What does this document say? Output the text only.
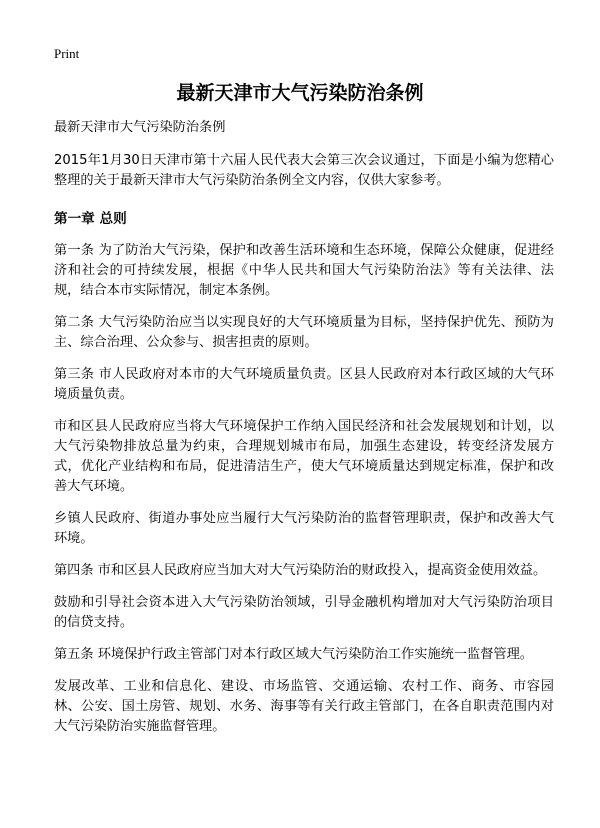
Print
最新天津市大气污染防治条例

最新天津市大气污染防治条例

2015年1月30日天津市第十六届人民代表大会第三次会议通过，下面是小编为您精心整理的关于最新天津市大气污染防治条例全文内容，仅供大家参考。

第一章 总则

第一条 为了防治大气污染，保护和改善生活环境和生态环境，保障公众健康，促进经济和社会的可持续发展，根据《中华人民共和国大气污染防治法》等有关法律、法规，结合本市实际情况，制定本条例。

第二条 大气污染防治应当以实现良好的大气环境质量为目标，坚持保护优先、预防为主、综合治理、公众参与、损害担责的原则。

第三条 市人民政府对本市的大气环境质量负责。区县人民政府对本行政区域的大气环境质量负责。

市和区县人民政府应当将大气环境保护工作纳入国民经济和社会发展规划和计划，以大气污染物排放总量为约束，合理规划城市布局，加强生态建设，转变经济发展方式，优化产业结构和布局，促进清洁生产，使大气环境质量达到规定标准，保护和改善大气环境。

乡镇人民政府、街道办事处应当履行大气污染防治的监督管理职责，保护和改善大气环境。

第四条 市和区县人民政府应当加大对大气污染防治的财政投入，提高资金使用效益。

鼓励和引导社会资本进入大气污染防治领域，引导金融机构增加对大气污染防治项目的信贷支持。

第五条 环境保护行政主管部门对本行政区域大气污染防治工作实施统一监督管理。

发展改革、工业和信息化、建设、市场监管、交通运输、农村工作、商务、市容园林、公安、国土房管、规划、水务、海事等有关行政主管部门，在各自职责范围内对大气污染防治实施监督管理。
